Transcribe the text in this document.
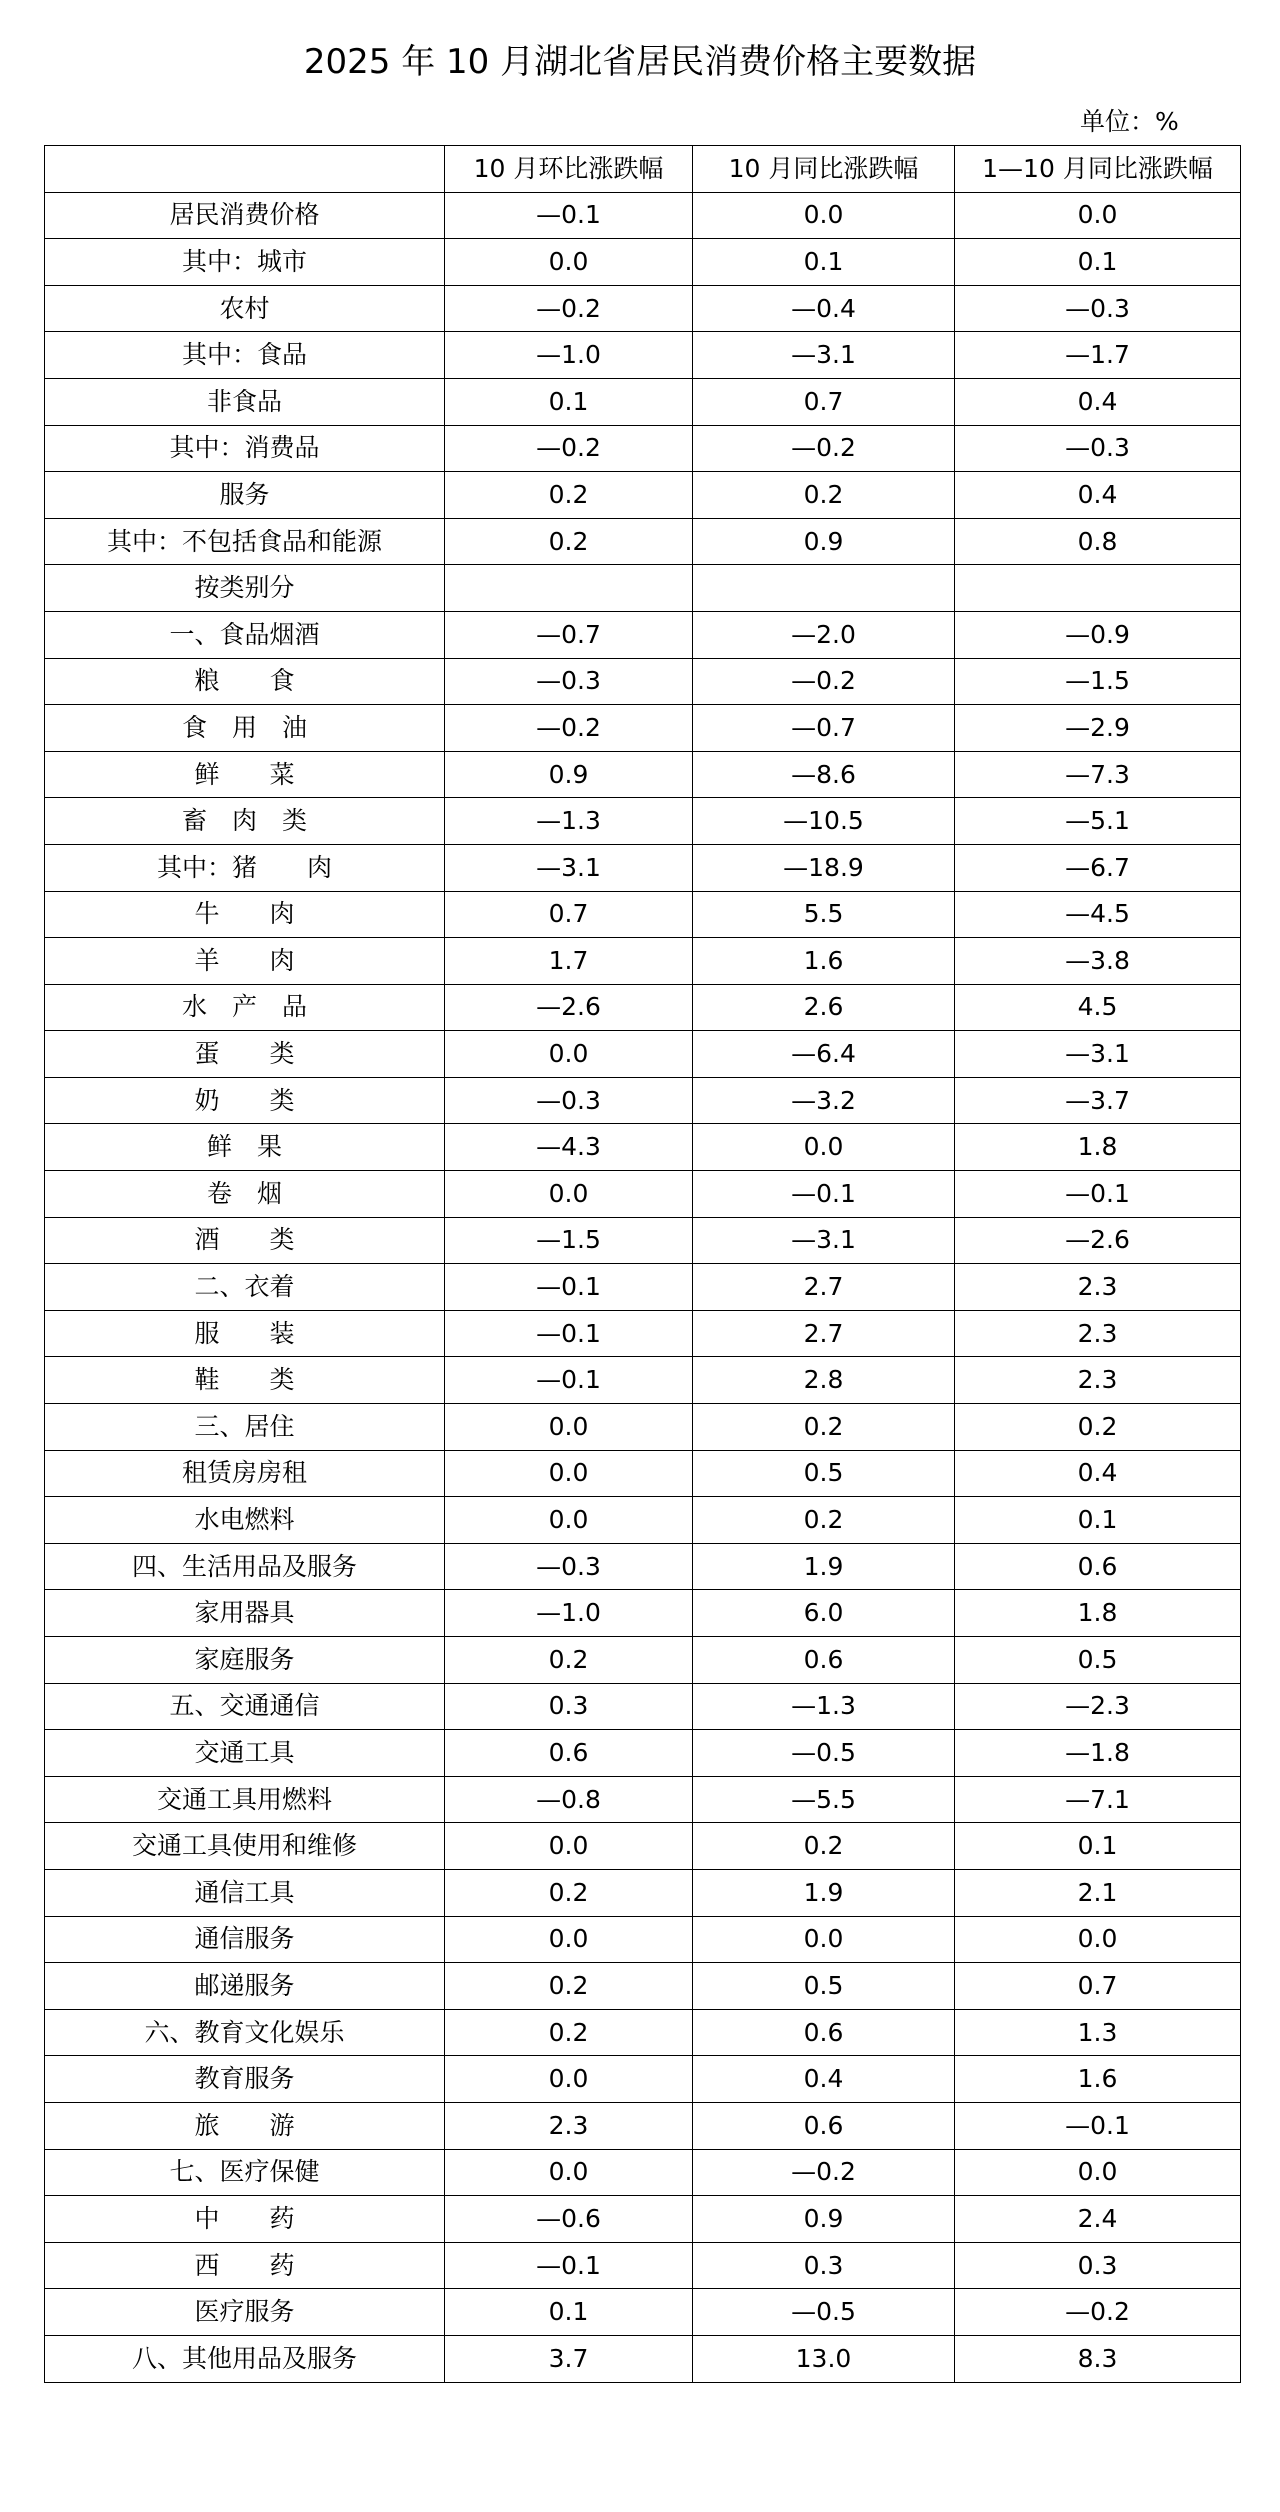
2025 年 10 月湖北省居民消费价格主要数据
单位：%
	10 月环比涨跌幅	10 月同比涨跌幅	1—10 月同比涨跌幅
居民消费价格	—0.1	0.0	0.0
其中：城市	0.0	0.1	0.1
农村	—0.2	—0.4	—0.3
其中：食品	—1.0	—3.1	—1.7
非食品	0.1	0.7	0.4
其中：消费品	—0.2	—0.2	—0.3
服务	0.2	0.2	0.4
其中：不包括食品和能源	0.2	0.9	0.8
按类别分			
一、食品烟酒	—0.7	—2.0	—0.9
粮　　食	—0.3	—0.2	—1.5
食　用　油	—0.2	—0.7	—2.9
鲜　　菜	0.9	—8.6	—7.3
畜　肉　类	—1.3	—10.5	—5.1
其中：猪　　肉	—3.1	—18.9	—6.7
牛　　肉	0.7	5.5	—4.5
羊　　肉	1.7	1.6	—3.8
水　产　品	—2.6	2.6	4.5
蛋　　类	0.0	—6.4	—3.1
奶　　类	—0.3	—3.2	—3.7
鲜　果	—4.3	0.0	1.8
卷　烟	0.0	—0.1	—0.1
酒　　类	—1.5	—3.1	—2.6
二、衣着	—0.1	2.7	2.3
服　　装	—0.1	2.7	2.3
鞋　　类	—0.1	2.8	2.3
三、居住	0.0	0.2	0.2
租赁房房租	0.0	0.5	0.4
水电燃料	0.0	0.2	0.1
四、生活用品及服务	—0.3	1.9	0.6
家用器具	—1.0	6.0	1.8
家庭服务	0.2	0.6	0.5
五、交通通信	0.3	—1.3	—2.3
交通工具	0.6	—0.5	—1.8
交通工具用燃料	—0.8	—5.5	—7.1
交通工具使用和维修	0.0	0.2	0.1
通信工具	0.2	1.9	2.1
通信服务	0.0	0.0	0.0
邮递服务	0.2	0.5	0.7
六、教育文化娱乐	0.2	0.6	1.3
教育服务	0.0	0.4	1.6
旅　　游	2.3	0.6	—0.1
七、医疗保健	0.0	—0.2	0.0
中　　药	—0.6	0.9	2.4
西　　药	—0.1	0.3	0.3
医疗服务	0.1	—0.5	—0.2
八、其他用品及服务	3.7	13.0	8.3
